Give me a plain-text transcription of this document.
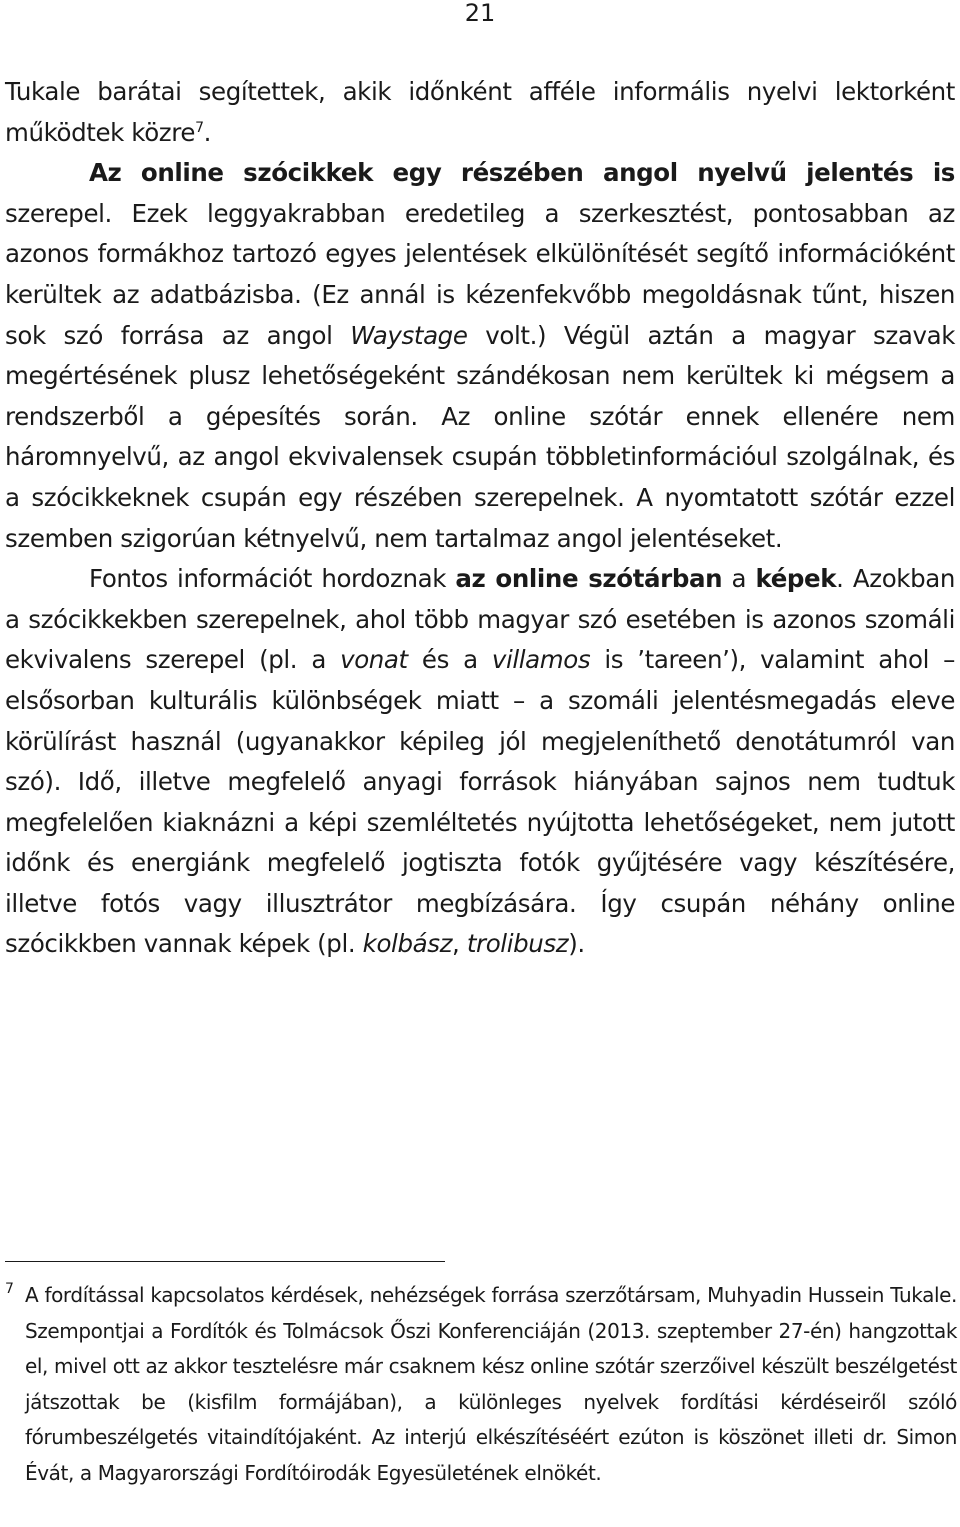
21

Tukale barátai segítettek, akik időnként afféle informális nyelvi lektorként működtek közre$^7$.

Az online szócikkek egy részében angol nyelvű jelentés is szerepel. Ezek leggyakrabban eredetileg a szerkesztést, pontosabban az azonos formákhoz tartozó egyes jelentések elkülönítését segítő információként kerültek az adatbázisba. (Ez annál is kézenfekvőbb megoldásnak tűnt, hiszen sok szó forrása az angol Waystage volt.) Végül aztán a magyar szavak megértésének plusz lehetőségeként szándékosan nem kerültek ki mégsem a rendszerből a gépesítés során. Az online szótár ennek ellenére nem háromnyelvű, az angol ekvivalensek csupán többletinformációul szolgálnak, és a szócikkeknek csupán egy részében szerepelnek. A nyomtatott szótár ezzel szemben szigorúan kétnyelvű, nem tartalmaz angol jelentéseket.

Fontos információt hordoznak az online szótárban a képek. Azokban a szócikkekben szerepelnek, ahol több magyar szó esetében is azonos szomáli ekvivalens szerepel (pl. a vonat és a villamos is ’tareen’), valamint ahol – elsősorban kulturális különbségek miatt – a szomáli jelentésmegadás eleve körülírást használ (ugyanakkor képileg jól megjeleníthető denotátumról van szó). Idő, illetve megfelelő anyagi források hiányában sajnos nem tudtuk megfelelően kiaknázni a képi szemléltetés nyújtotta lehetőségeket, nem jutott időnk és energiánk megfelelő jogtiszta fotók gyűjtésére vagy készítésére, illetve fotós vagy illusztrátor megbízására. Így csupán néhány online szócikkben vannak képek (pl. kolbász, trolibusz).

7 A fordítással kapcsolatos kérdések, nehézségek forrása szerzőtársam, Muhyadin Hussein Tukale. Szempontjai a Fordítók és Tolmácsok Őszi Konferenciáján (2013. szeptember 27-én) hangzottak el, mivel ott az akkor tesztelésre már csaknem kész online szótár szerzőivel készült beszélgetést játszottak be (kisfilm formájában), a különleges nyelvek fordítási kérdéseiről szóló fórumbeszélgetés vitaindítójaként. Az interjú elkészítéséért ezúton is köszönet illeti dr. Simon Évát, a Magyarországi Fordítóirodák Egyesületének elnökét.
